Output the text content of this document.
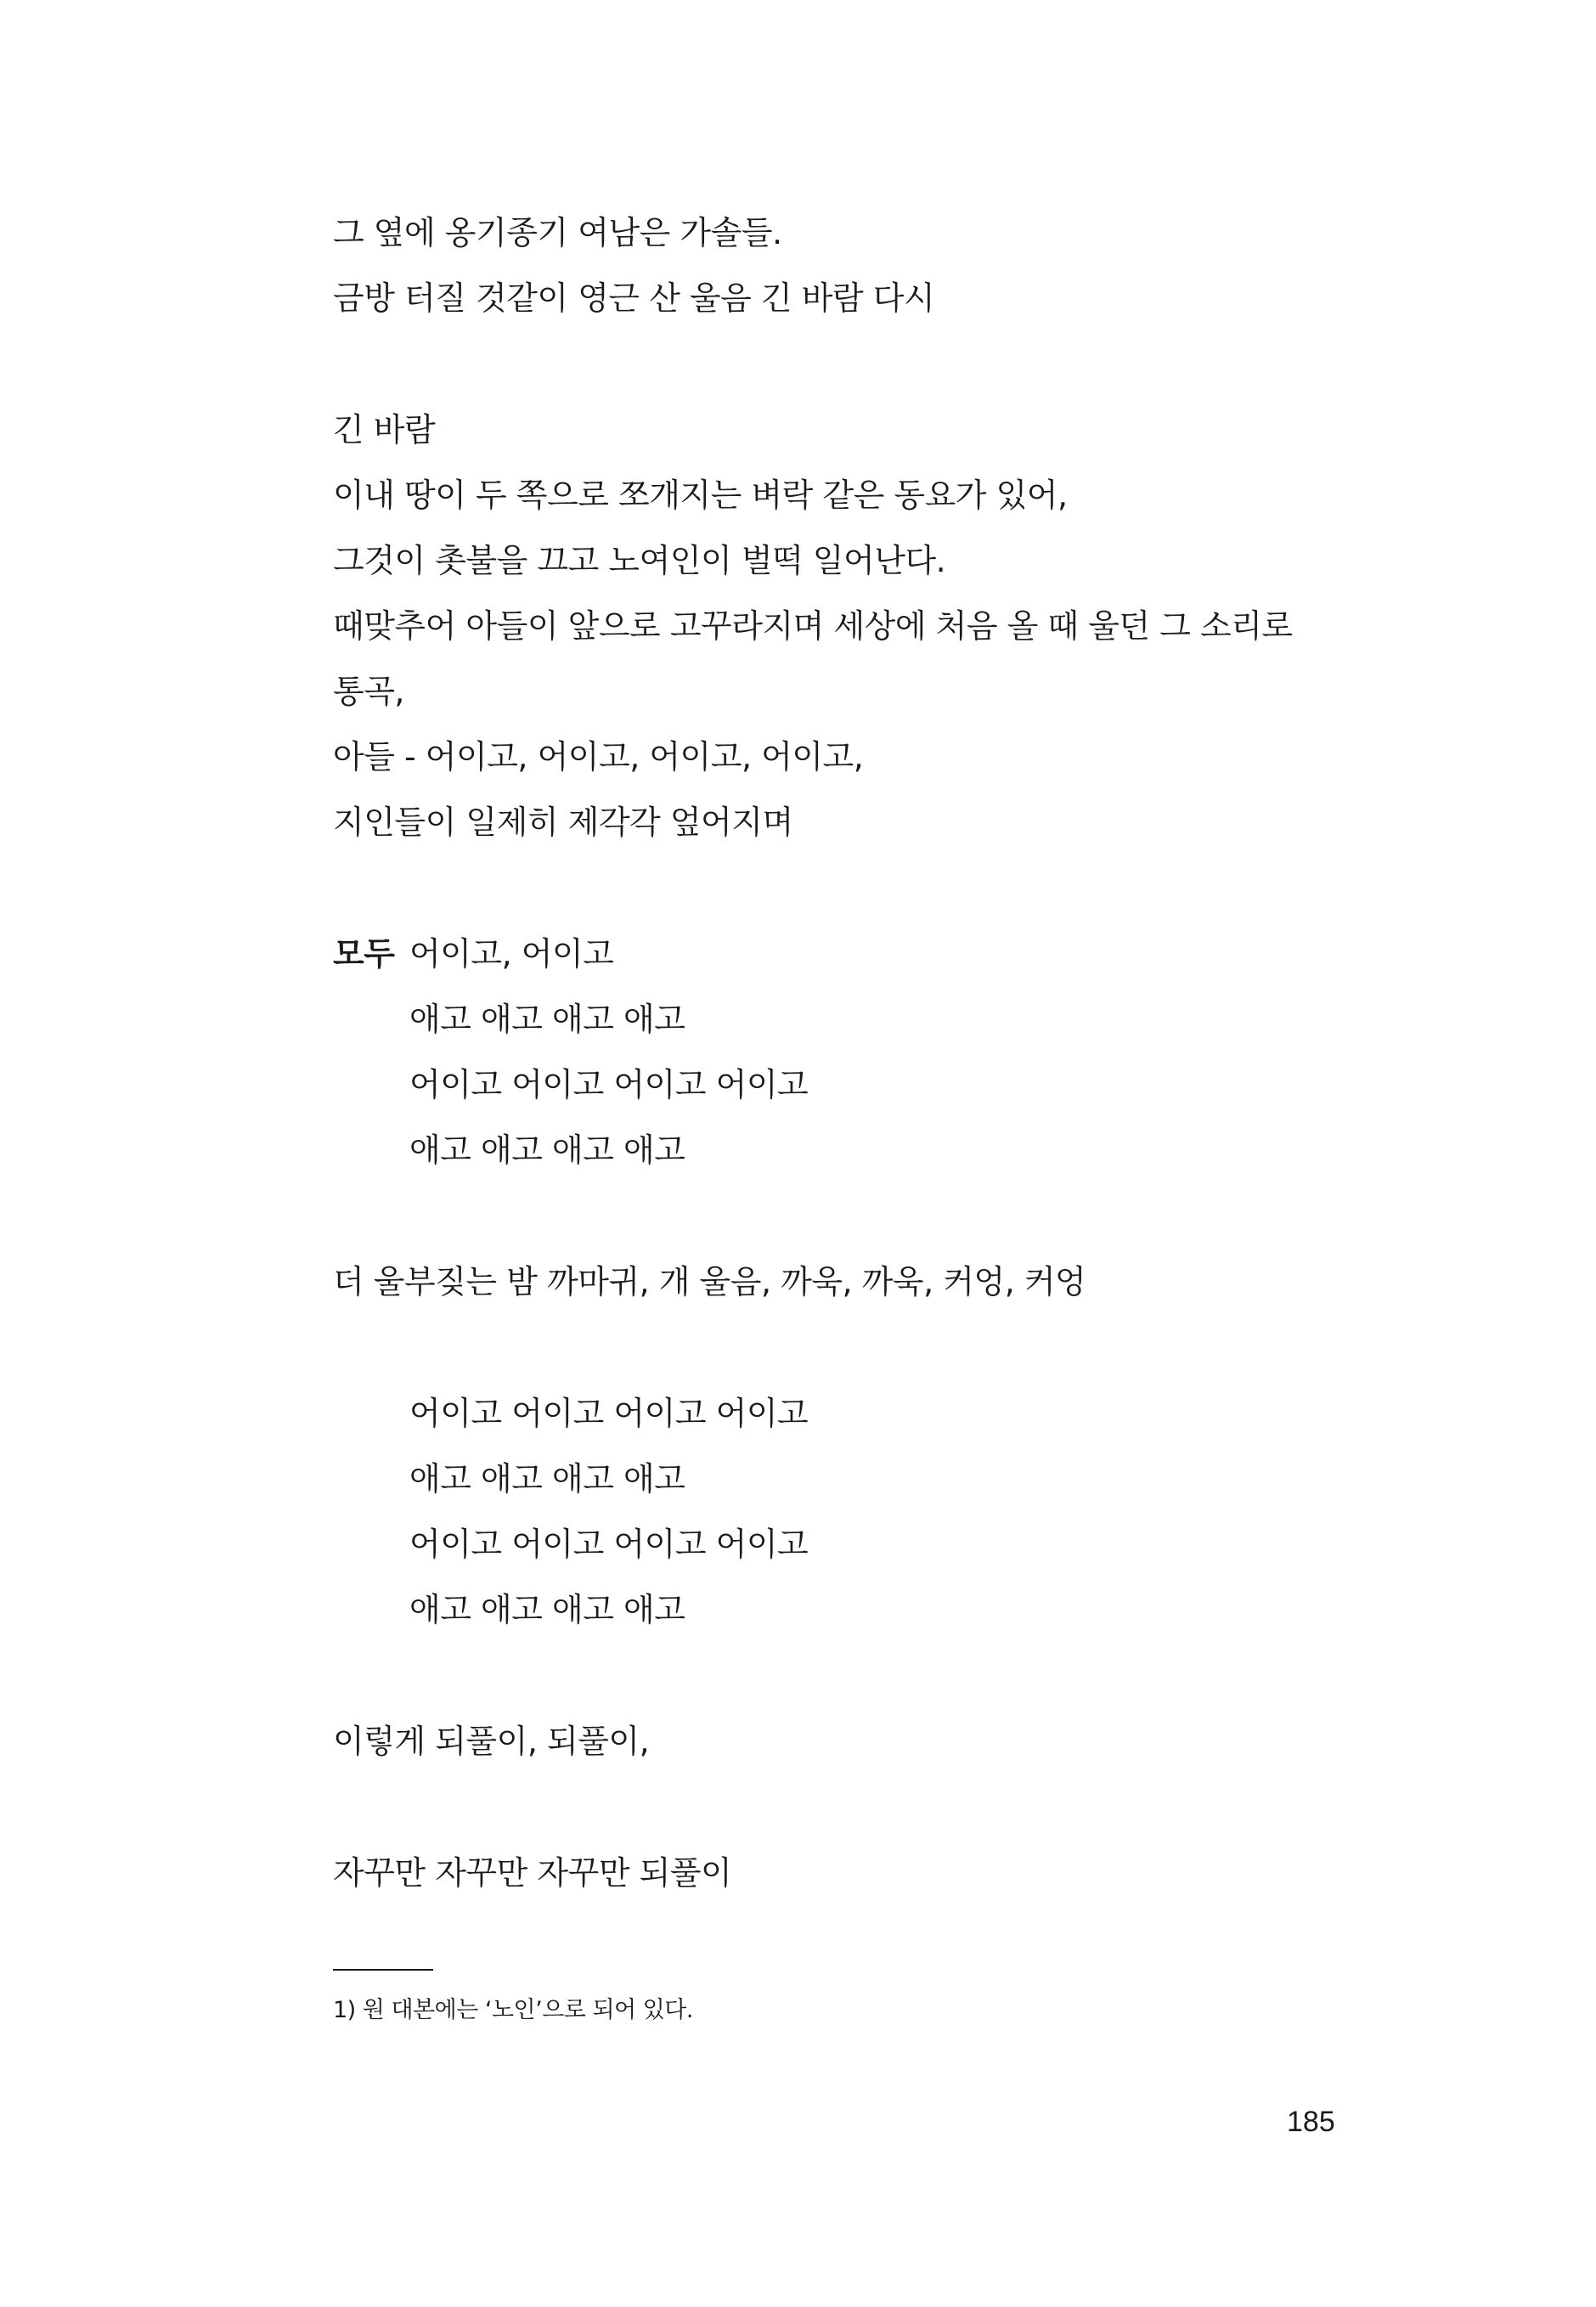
그 옆에 옹기종기 여남은 가솔들.
금방 터질 것같이 영근 산 울음 긴 바람 다시
긴 바람
이내 땅이 두 쪽으로 쪼개지는 벼락 같은 동요가 있어,
그것이 촛불을 끄고 노여인이 벌떡 일어난다.
때맞추어 아들이 앞으로 고꾸라지며 세상에 처음 올 때 울던 그 소리로
통곡,
아들 - 어이고, 어이고, 어이고, 어이고,
지인들이 일제히 제각각 엎어지며
모두 어이고, 어이고
애고 애고 애고 애고
어이고 어이고 어이고 어이고
애고 애고 애고 애고
더 울부짖는 밤 까마귀, 개 울음, 까욱, 까욱, 커엉, 커엉
어이고 어이고 어이고 어이고
애고 애고 애고 애고
어이고 어이고 어이고 어이고
애고 애고 애고 애고
이렇게 되풀이, 되풀이,
자꾸만 자꾸만 자꾸만 되풀이
1) 원 대본에는 ‘노인’으로 되어 있다.
185
